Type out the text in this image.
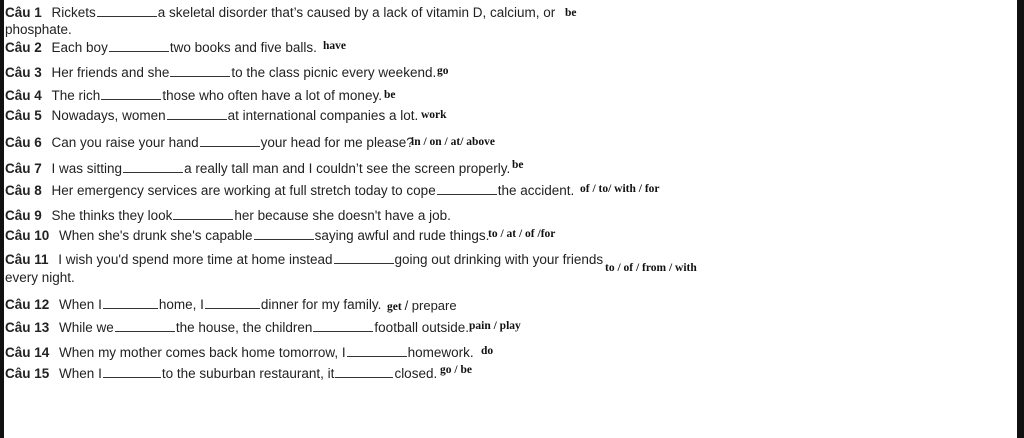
Câu 1 Rickets	a skeletal disorder that’s caused by a lack of vitamin D, calcium, or be
phosphate.
Câu 2 Each boy	two books and five balls. have
Câu 3 Her friends and she	to the class picnic every weekend. go
Câu 4 The rich	those who often have a lot of money. be
Câu 5 Nowadays, women	at international companies a lot. work
Câu 6 Can you raise your hand	your head for me please?
in / on / at/ above
Câu 7 I was sitting	a really tall man and I couldn’t see the screen properly. be
Câu 8 Her emergency services are working at full stretch today to cope	the accident. of / to/ with / for
Câu 9 She thinks they look	her because she doesn't have a job.
Câu 10 When she's drunk she's capable	saying awful and rude things.
to / at / of /for
Câu 11 I wish you'd spend more time at home instead	going out drinking with your friends
to / of / from / with
every night.
Câu 12 When I	home, I	dinner for my family. get / prepare
Câu 13 While we	the house, the children	football outside. pain / play
Câu 14 When my mother comes back home tomorrow, I	homework. do
Câu 15 When I	to the suburban restaurant, it	closed. go / be
